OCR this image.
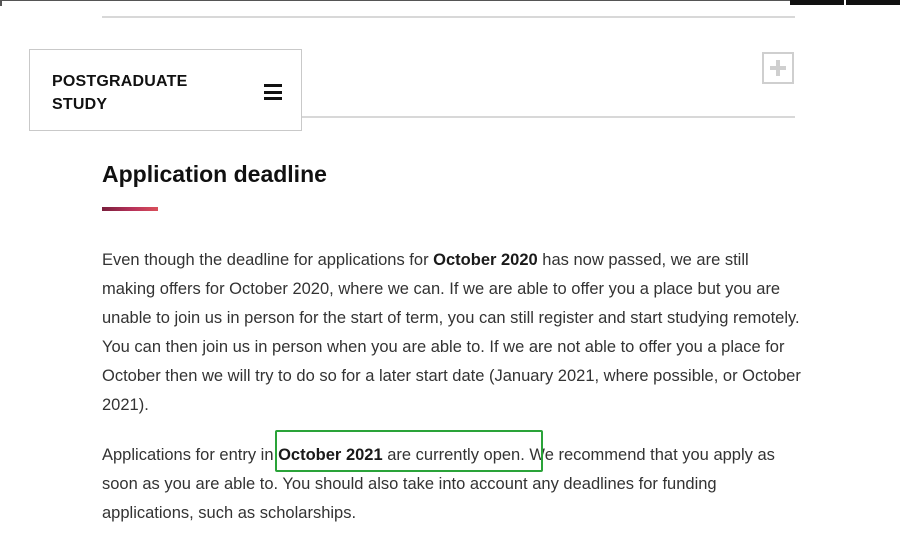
POSTGRADUATE STUDY
Application deadline

Even though the deadline for applications for October 2020 has now passed, we are still making offers for October 2020, where we can. If we are able to offer you a place but you are unable to join us in person for the start of term, you can still register and start studying remotely. You can then join us in person when you are able to. If we are not able to offer you a place for October then we will try to do so for a later start date (January 2021, where possible, or October 2021).

Applications for entry in October 2021 are currently open. We recommend that you apply as soon as you are able to. You should also take into account any deadlines for funding applications, such as scholarships.
